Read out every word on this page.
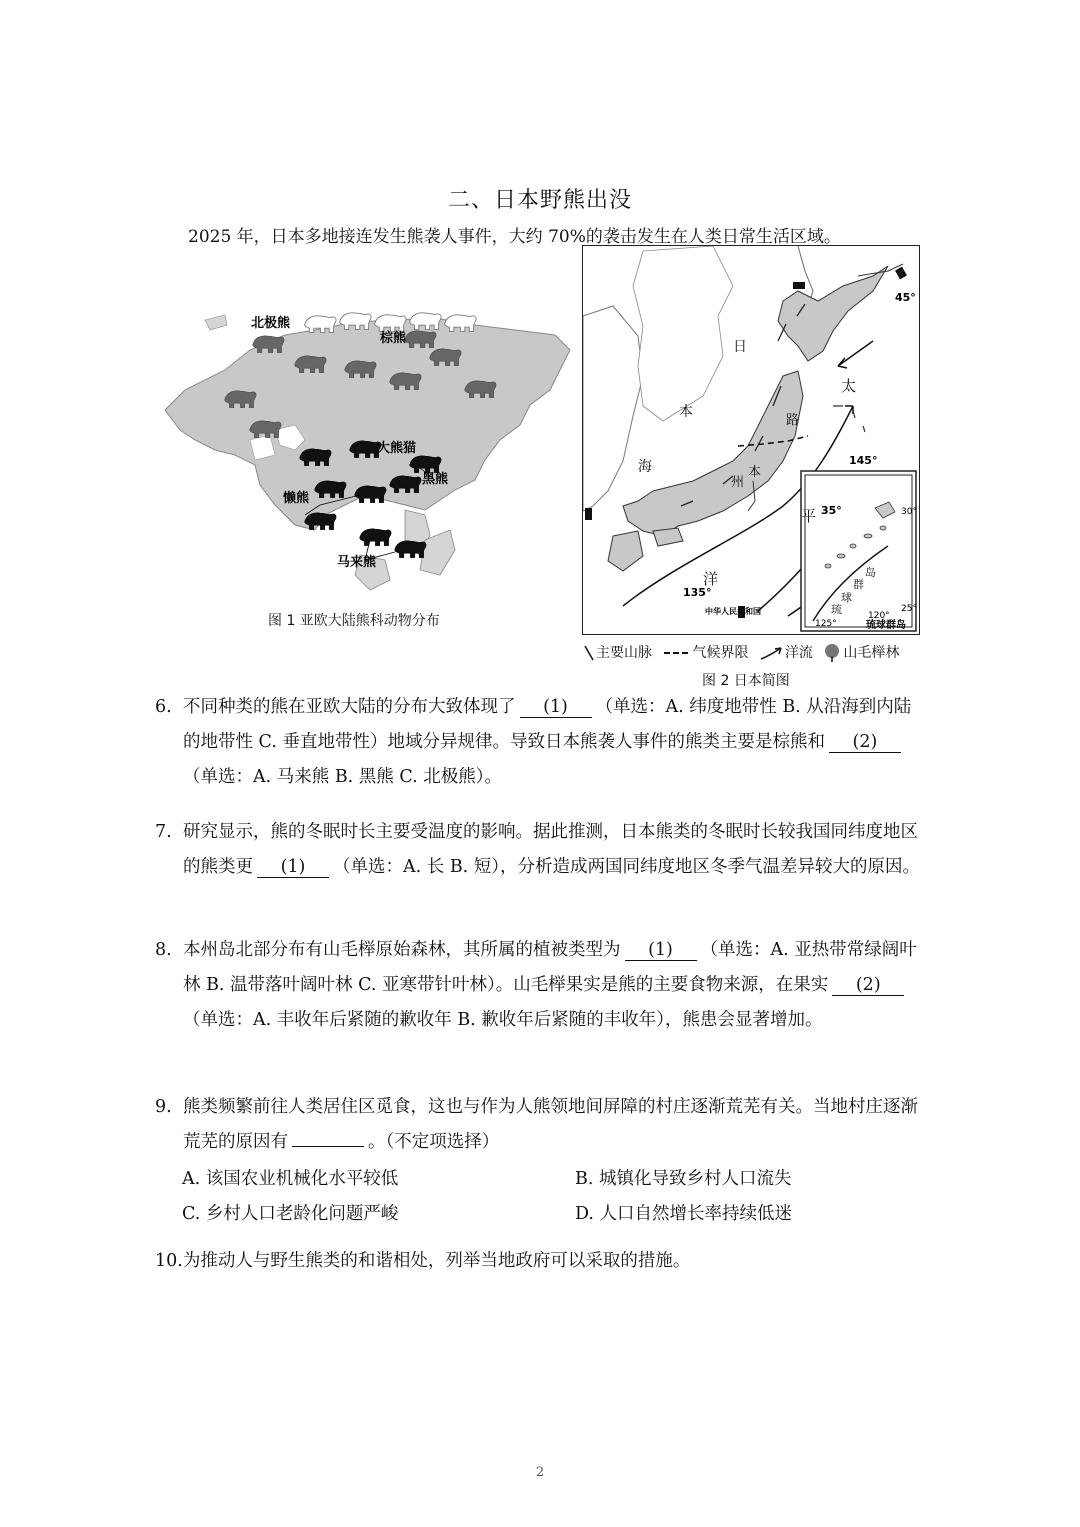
二、日本野熊出没
2025 年，日本多地接连发生熊袭人事件，大约 70%的袭击发生在人类日常生活区域。
北极熊
棕熊
大熊猫
黑熊
懒熊
马来熊
图 1 亚欧大陆熊科动物分布
日
本
海
太
平
洋
路
本
州
琉
球
群
岛
45°
35°	30°
25°
145°
135°
125°
120°
琉球群岛
中华人民共和国
主要山脉	气候界限	洋流 山毛榉林
图 2 日本简图
6. 不同种类的熊在亚欧大陆的分布大致体现了 (1) （单选：A. 纬度地带性 B. 从沿海到内陆的地带性 C. 垂直地带性）地域分异规律。导致日本熊袭人事件的熊类主要是棕熊和 (2)（单选：A. 马来熊 B. 黑熊 C. 北极熊）。
7. 研究显示，熊的冬眠时长主要受温度的影响。据此推测，日本熊类的冬眠时长较我国同纬度地区的熊类更 (1) （单选：A. 长 B. 短），分析造成两国同纬度地区冬季气温差异较大的原因。
8. 本州岛北部分布有山毛榉原始森林，其所属的植被类型为 (1) （单选：A. 亚热带常绿阔叶林 B. 温带落叶阔叶林 C. 亚寒带针叶林）。山毛榉果实是熊的主要食物来源，在果实 (2)（单选：A. 丰收年后紧随的歉收年 B. 歉收年后紧随的丰收年），熊患会显著增加。
9. 熊类频繁前往人类居住区觅食，这也与作为人熊领地间屏障的村庄逐渐荒芜有关。当地村庄逐渐荒芜的原因有	。（不定项选择）
A. 该国农业机械化水平较低	B. 城镇化导致乡村人口流失
C. 乡村人口老龄化问题严峻	D. 人口自然增长率持续低迷
10.为推动人与野生熊类的和谐相处，列举当地政府可以采取的措施。
2
